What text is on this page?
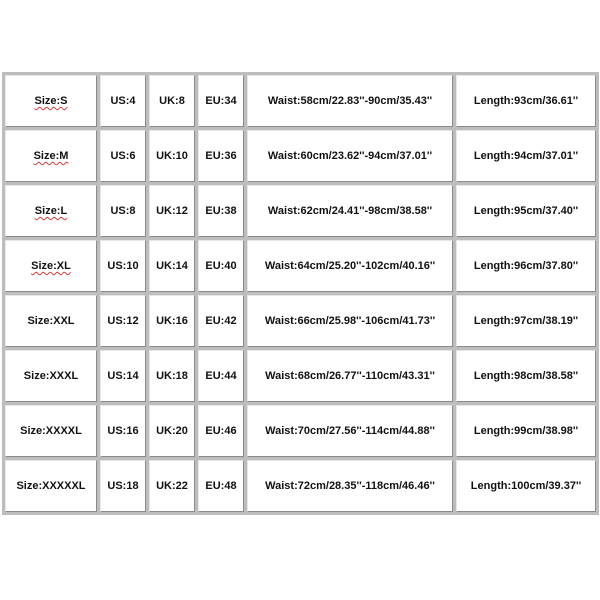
Size:S	US:4	UK:8	EU:34	Waist:58cm/22.83''-90cm/35.43''	Length:93cm/36.61''
Size:M	US:6	UK:10	EU:36	Waist:60cm/23.62''-94cm/37.01''	Length:94cm/37.01''
Size:L	US:8	UK:12	EU:38	Waist:62cm/24.41''-98cm/38.58''	Length:95cm/37.40''
Size:XL	US:10	UK:14	EU:40	Waist:64cm/25.20''-102cm/40.16''	Length:96cm/37.80''
Size:XXL	US:12	UK:16	EU:42	Waist:66cm/25.98''-106cm/41.73''	Length:97cm/38.19''
Size:XXXL	US:14	UK:18	EU:44	Waist:68cm/26.77''-110cm/43.31''	Length:98cm/38.58''
Size:XXXXL	US:16	UK:20	EU:46	Waist:70cm/27.56''-114cm/44.88''	Length:99cm/38.98''
Size:XXXXXL	US:18	UK:22	EU:48	Waist:72cm/28.35''-118cm/46.46''	Length:100cm/39.37''
